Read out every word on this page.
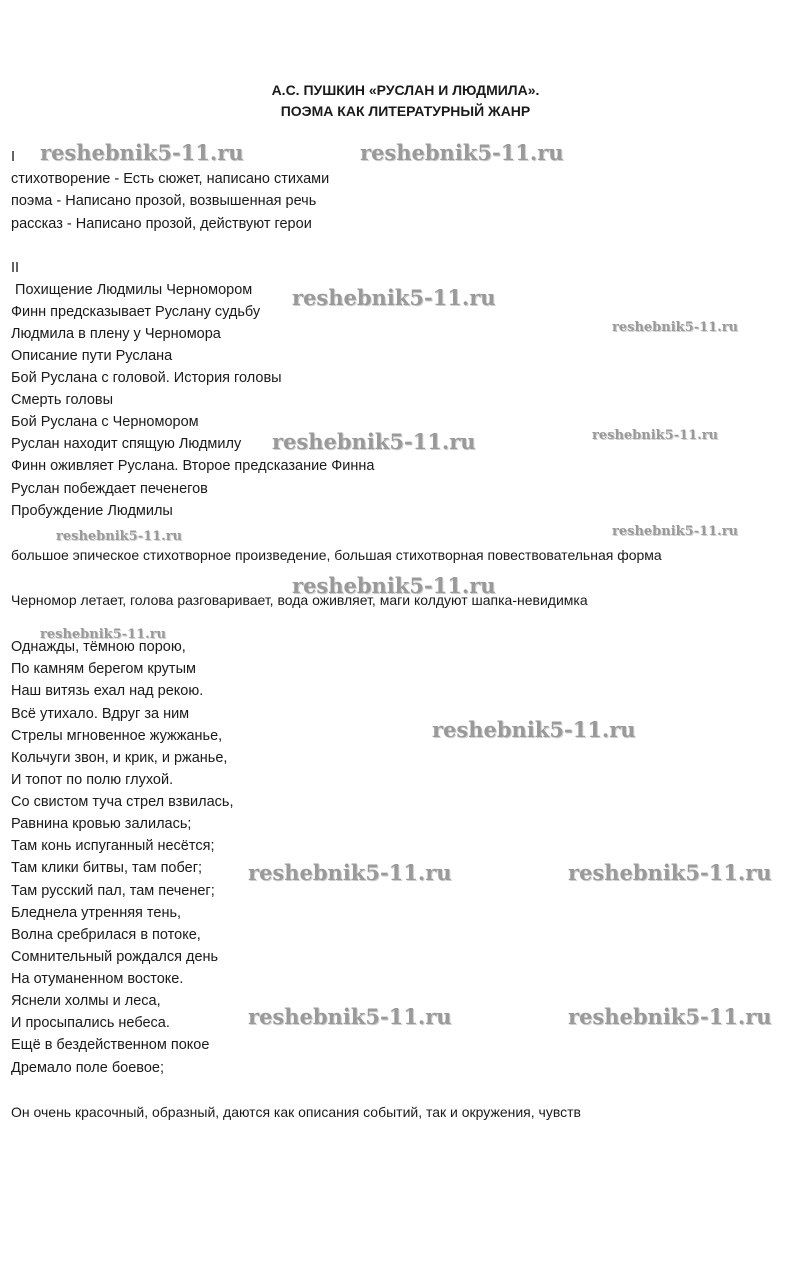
А.С. ПУШКИН «РУСЛАН И ЛЮДМИЛА».
ПОЭМА КАК ЛИТЕРАТУРНЫЙ ЖАНР
I
стихотворение - Есть сюжет, написано стихами
поэма - Написано прозой, возвышенная речь
рассказ - Написано прозой, действуют герои
II
Похищение Людмилы Черномором
Финн предсказывает Руслану судьбу
Людмила в плену у Черномора
Описание пути Руслана
Бой Руслана с головой. История головы
Смерть головы
Бой Руслана с Черномором
Руслан находит спящую Людмилу
Финн оживляет Руслана. Второе предсказание Финна
Руслан побеждает печенегов
Пробуждение Людмилы
большое эпическое стихотворное произведение, большая стихотворная повествовательная форма
Черномор летает, голова разговаривает, вода оживляет, маги колдуют шапка-невидимка
Однажды, тёмною порою,
По камням берегом крутым
Наш витязь ехал над рекою.
Всё утихало. Вдруг за ним
Стрелы мгновенное жужжанье,
Кольчуги звон, и крик, и ржанье,
И топот по полю глухой.
Со свистом туча стрел взвилась,
Равнина кровью залилась;
Там конь испуганный несётся;
Там клики битвы, там побег;
Там русский пал, там печенег;
Бледнела утренняя тень,
Волна сребрилася в потоке,
Сомнительный рождался день
На отуманенном востоке.
Яснели холмы и леса,
И просыпались небеса.
Ещё в бездейственном покое
Дремало поле боевое;
Он очень красочный, образный, даются как описания событий, так и окружения, чувств
reshebnik5-11.ru	reshebnik5-11.ru
reshebnik5-11.ru
reshebnik5-11.ru
reshebnik5-11.ru	reshebnik5-11.ru
reshebnik5-11.ru	reshebnik5-11.ru
reshebnik5-11.ru
reshebnik5-11.ru
reshebnik5-11.ru
reshebnik5-11.ru	reshebnik5-11.ru
reshebnik5-11.ru	reshebnik5-11.ru
